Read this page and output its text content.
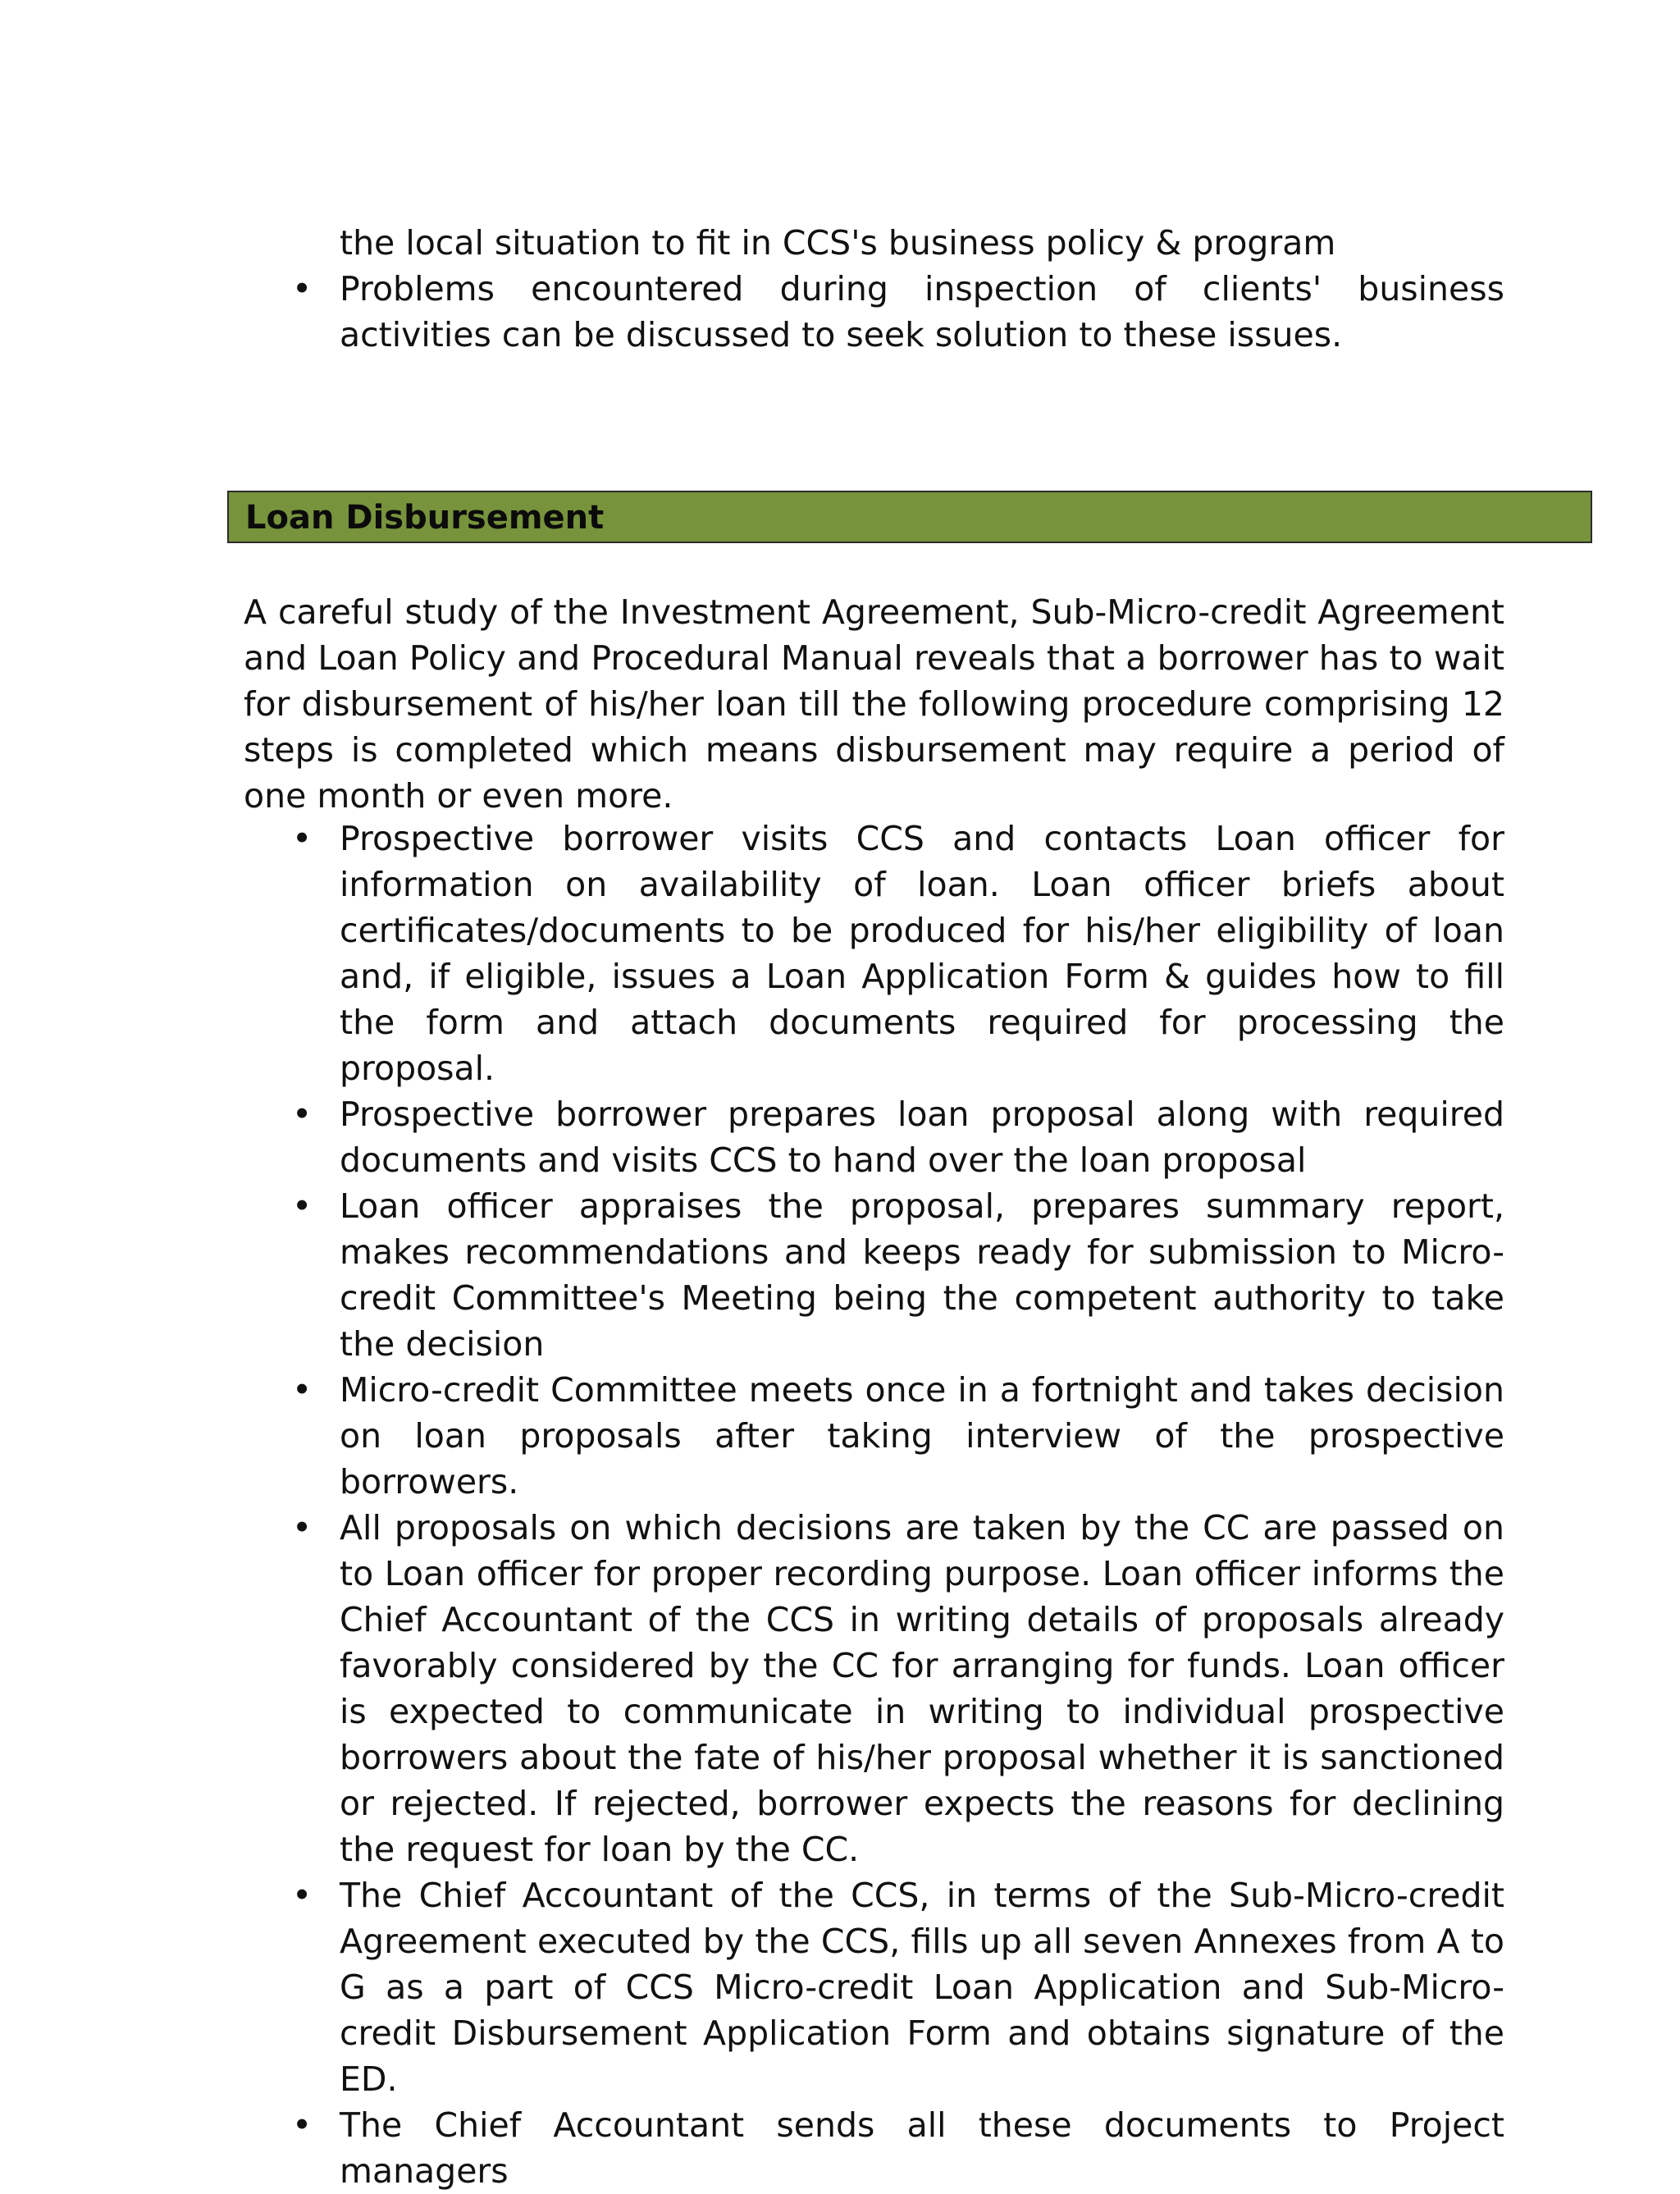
the local situation to fit in CCS's business policy & program
• Problems encountered during inspection of clients' business activities can be discussed to seek solution to these issues.
Loan Disbursement

A careful study of the Investment Agreement, Sub-Micro-credit Agreement and Loan Policy and Procedural Manual reveals that a borrower has to wait for disbursement of his/her loan till the following procedure comprising 12 steps is completed which means disbursement may require a period of one month or even more.

• Prospective borrower visits CCS and contacts Loan officer for information on availability of loan. Loan officer briefs about certificates/documents to be produced for his/her eligibility of loan and, if eligible, issues a Loan Application Form & guides how to fill the form and attach documents required for processing the proposal.
• Prospective borrower prepares loan proposal along with required documents and visits CCS to hand over the loan proposal
• Loan officer appraises the proposal, prepares summary report, makes recommendations and keeps ready for submission to Micro-credit Committee's Meeting being the competent authority to take the decision
• Micro-credit Committee meets once in a fortnight and takes decision on loan proposals after taking interview of the prospective borrowers.
• All proposals on which decisions are taken by the CC are passed on to Loan officer for proper recording purpose. Loan officer informs the Chief Accountant of the CCS in writing details of proposals already favorably considered by the CC for arranging for funds. Loan officer is expected to communicate in writing to individual prospective borrowers about the fate of his/her proposal whether it is sanctioned or rejected. If rejected, borrower expects the reasons for declining the request for loan by the CC.
• The Chief Accountant of the CCS, in terms of the Sub-Micro-credit Agreement executed by the CCS, fills up all seven Annexes from A to G as a part of CCS Micro-credit Loan Application and Sub-Micro-credit Disbursement Application Form and obtains signature of the ED.
• The Chief Accountant sends all these documents to Project managers
